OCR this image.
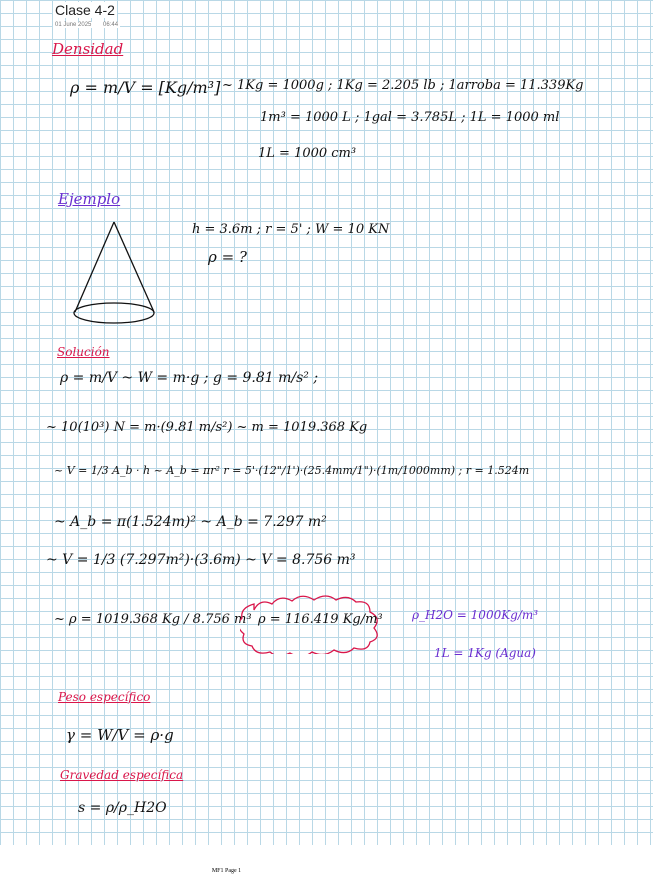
Clase 4-2
01 June 2025 06:44
Densidad
ρ = m/V = [Kg/m³] ~ 1Kg = 1000g ; 1Kg = 2.205 lb ; 1arroba = 11.339Kg
1m³ = 1000 L ; 1gal = 3.785L ; 1L = 1000 ml
1L = 1000 cm³
Ejemplo
h = 3.6m ; r = 5' ; W = 10 KN
ρ = ?
Solución
ρ = m/V ~ W = m·g ; g = 9.81 m/s² ;
~ 10(10³) N = m·(9.81 m/s²) ~ m = 1019.368 Kg
~ V = 1/3 A_b · h ~ A_b = πr² r = 5'·(12"/1')·(25.4mm/1")·(1m/1000mm) ; r = 1.524m
~ A_b = π(1.524m)² ~ A_b = 7.297 m²
~ V = 1/3 (7.297m²)·(3.6m) ~ V = 8.756 m³
~ ρ = 1019.368 Kg / 8.756 m³ ρ = 116.419 Kg/m³ ρ_H2O = 1000Kg/m³
1L = 1Kg (Agua)
Peso específico
γ = W/V = ρ·g
Gravedad específica
s = ρ/ρ_H2O
MF1 Page 1
